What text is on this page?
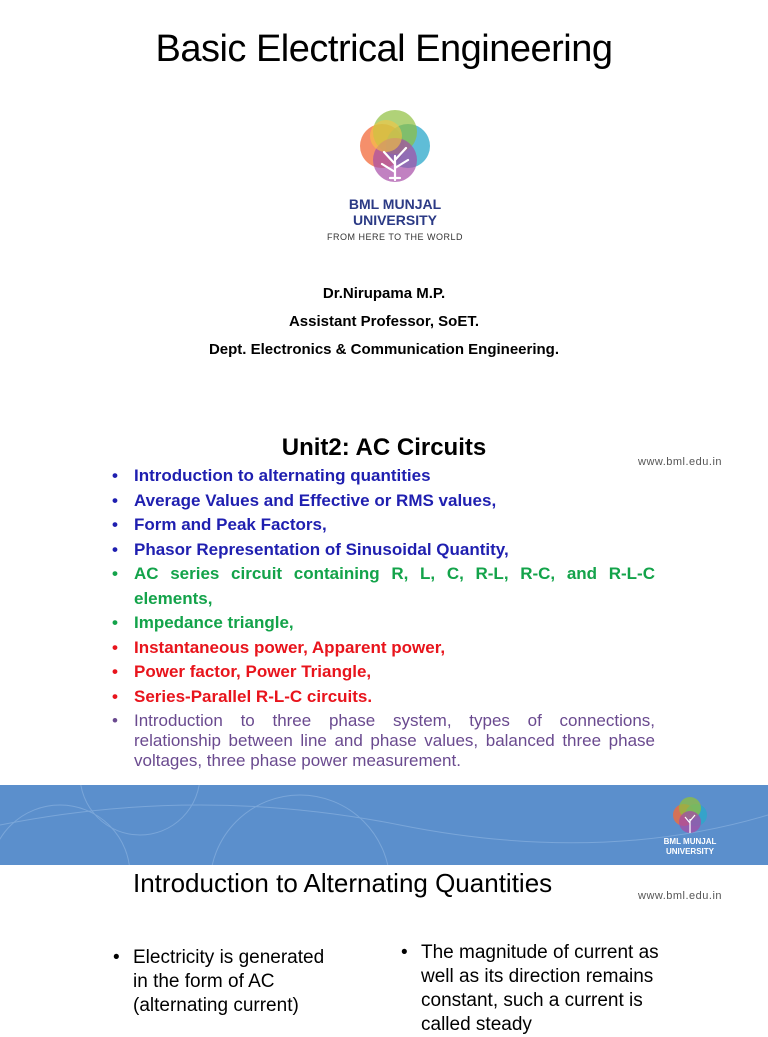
Basic Electrical Engineering
BML MUNJAL
UNIVERSITY
FROM HERE TO THE WORLD
Dr.Nirupama M.P.
Assistant Professor, SoET.
Dept. Electronics & Communication Engineering.
Unit2: AC Circuits
www.bml.edu.in
• Introduction to alternating quantities
• Average Values and Effective or RMS values,
• Form and Peak Factors,
• Phasor Representation of Sinusoidal Quantity,
• AC series circuit containing R, L, C, R-L, R-C, and R-L-C elements,
• Impedance triangle,
• Instantaneous power, Apparent power,
• Power factor, Power Triangle,
• Series-Parallel R-L-C circuits.
• Introduction to three phase system, types of connections, relationship between line and phase values, balanced three phase voltages, three phase power measurement.
BML MUNJAL
UNIVERSITY
Introduction to Alternating Quantities	www.bml.edu.in
• Electricity is generated in the form of AC (alternating current)
• The magnitude of current as well as its direction remains constant, such a current is called steady
